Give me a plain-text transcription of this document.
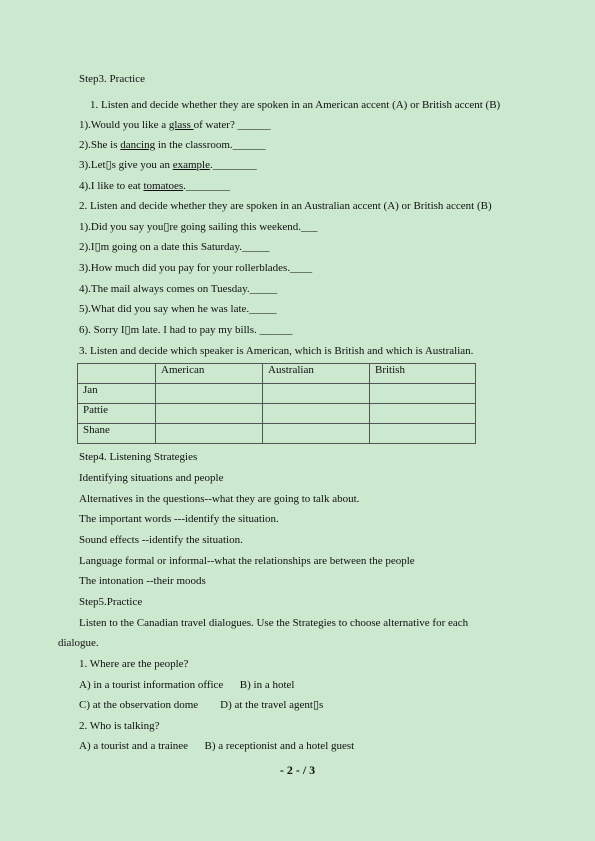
Step3. Practice
1. Listen and decide whether they are spoken in an American accent (A) or British accent (B)
1).Would you like a glass of water? ______
2).She is dancing in the classroom.______
3).Let▯s give you an example.________
4).I like to eat tomatoes.________
2. Listen and decide whether they are spoken in an Australian accent (A) or British accent (B)
1).Did you say you▯re going sailing this weekend.___
2).I▯m going on a date this Saturday._____
3).How much did you pay for your rollerblades.____
4).The mail always comes on Tuesday._____
5).What did you say when he was late._____
6). Sorry I▯m late. I had to pay my bills. ______
3. Listen and decide which speaker is American, which is British and which is Australian.
	American	Australian	British
Jan			
Pattie			
Shane			
Step4. Listening Strategies
Identifying situations and people
Alternatives in the questions--what they are going to talk about.
The important words ---identify the situation.
Sound effects --identify the situation.
Language formal or informal--what the relationships are between the people
The intonation --their moods
Step5.Practice
Listen to the Canadian travel dialogues. Use the Strategies to choose alternative for each
dialogue.
1. Where are the people?
A) in a tourist information office      B) in a hotel
C) at the observation dome        D) at the travel agent▯s
2. Who is talking?
A) a tourist and a trainee      B) a receptionist and a hotel guest
- 2 - / 3
